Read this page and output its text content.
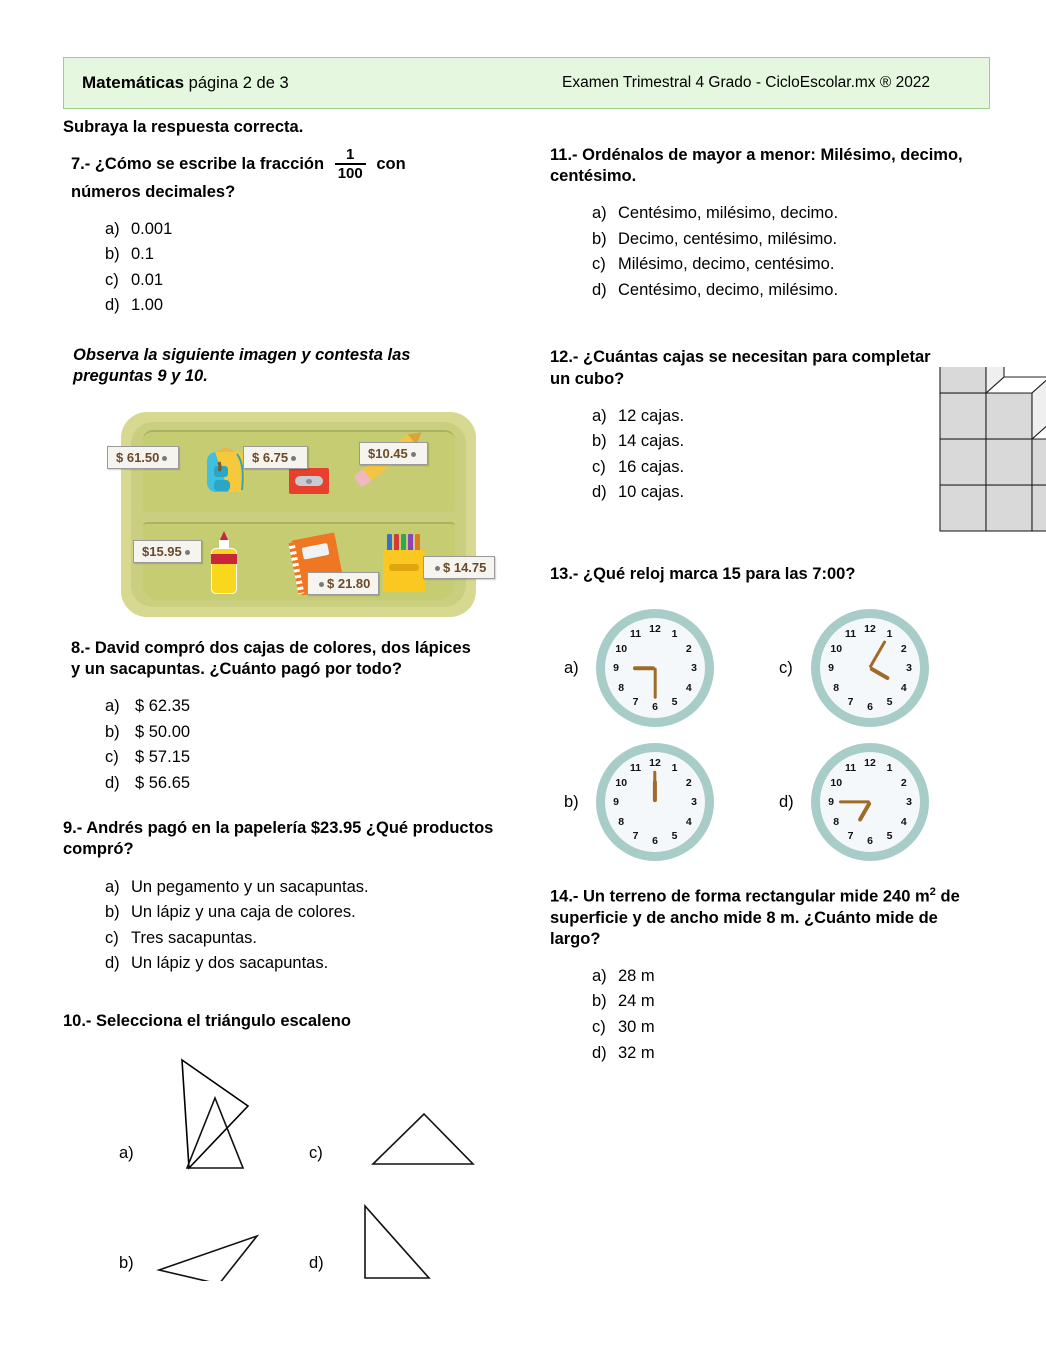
Matemáticas página 2 de 3	Examen Trimestral 4 Grado - CicloEscolar.mx ® 2022

Subraya la respuesta correcta.

7.- ¿Cómo se escribe la fracción $\frac{1}{100}$ con
números decimales?

a) 0.001
b) 0.1
c) 0.01
d) 1.00

Observa la siguiente imagen y contesta las preguntas 9 y 10.

$ 61.50	$ 6.75	$10.45
$15.95
$ 21.80
$ 14.75

8.- David compró dos cajas de colores, dos lápices y un sacapuntas. ¿Cuánto pagó por todo?

a) $ 62.35
b) $ 50.00
c) $ 57.15
d) $ 56.65

9.- Andrés pagó en la papelería $23.95 ¿Qué productos compró?

a) Un pegamento y un sacapuntas.
b) Un lápiz y una caja de colores.
c) Tres sacapuntas.
d) Un lápiz y dos sacapuntas.

10.- Selecciona el triángulo escaleno

a)
b)
c)
d)

11.- Ordénalos de mayor a menor: Milésimo, decimo, centésimo.

a) Centésimo, milésimo, decimo.
b) Decimo, centésimo, milésimo.
c) Milésimo, decimo, centésimo.
d) Centésimo, decimo, milésimo.

12.- ¿Cuántas cajas se necesitan para completar un cubo?

a) 12 cajas.
b) 14 cajas.
c) 16 cajas.
d) 10 cajas.

13.- ¿Qué reloj marca 15 para las 7:00?

a)
12	1
2
3
4
5
6
7
8
9
10
11
b)
12	1
2
3
4
5
6
7
8
9
10
11
c)
12	1
2
3
4
5
6
7
8
9
10
11
d)
12	1
2
3
4
5
6
7
8
9
10
11

14.- Un terreno de forma rectangular mide 240 $m^2$ de superficie y de ancho mide 8 m. ¿Cuánto mide de largo?

a) 28 m
b) 24 m
c) 30 m
d) 32 m
